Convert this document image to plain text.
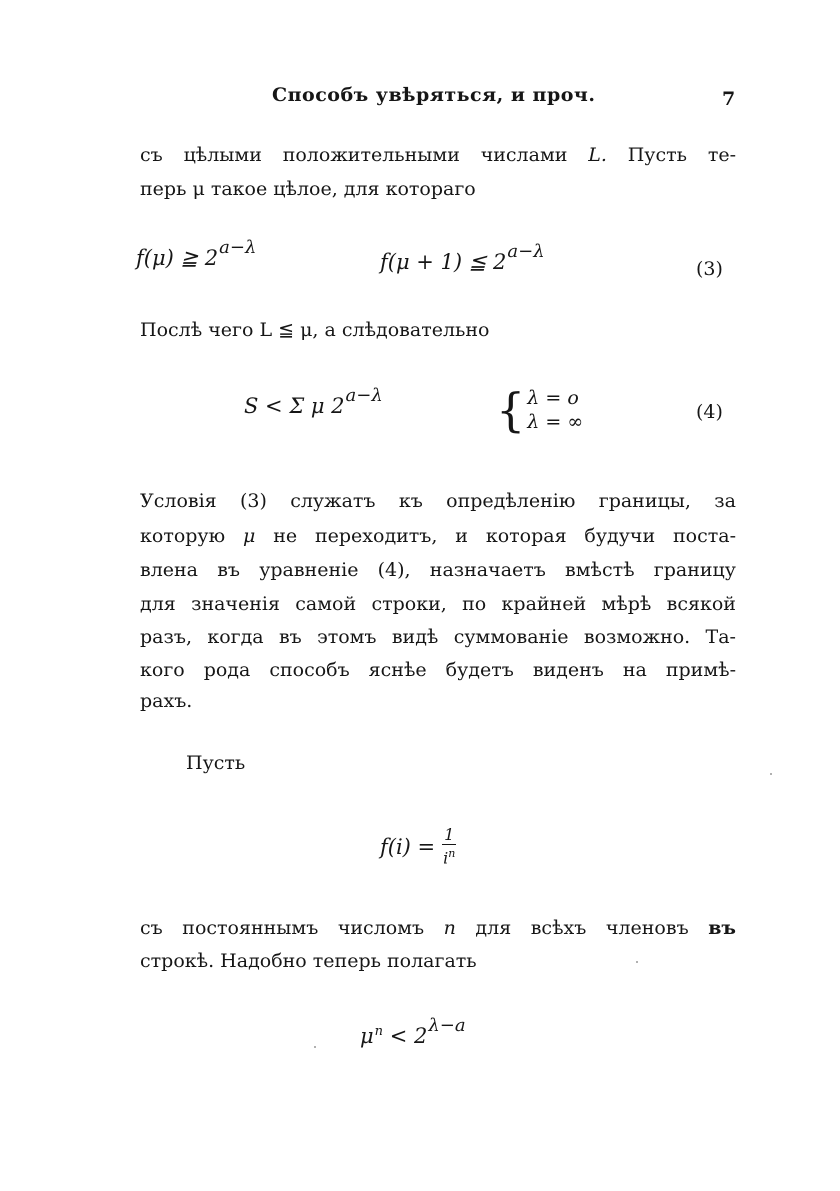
Способъ увѣряться, и проч.	7
съ цѣлыми положительными числами L. Пусть те-
перь μ такое цѣлое, для котораго
f(μ) ≧ 2a−λ
f(μ + 1) ≦ 2a−λ
(3)
Послѣ чего L ≦ μ, а слѣдовательно
S < Σ μ 2a−λ { λ = o
λ = ∞	(4)
Условія (3) служатъ къ опредѣленію границы, за
которую μ не переходитъ, и которая будучи поста-
влена въ уравненіе (4), назначаетъ вмѣстѣ границу
для значенія самой строки, по крайней мѣрѣ всякой
разъ, когда въ этомъ видѣ суммованіе возможно. Та-
кого рода способъ яснѣе будетъ виденъ на примѣ-
рахъ.
Пусть
$f(i) = \frac{1}{i^n}$
съ постояннымъ числомъ n для всѣхъ членовъ въ
строкѣ. Надобно теперь полагать
$\mu^n < 2\lambda-a$
